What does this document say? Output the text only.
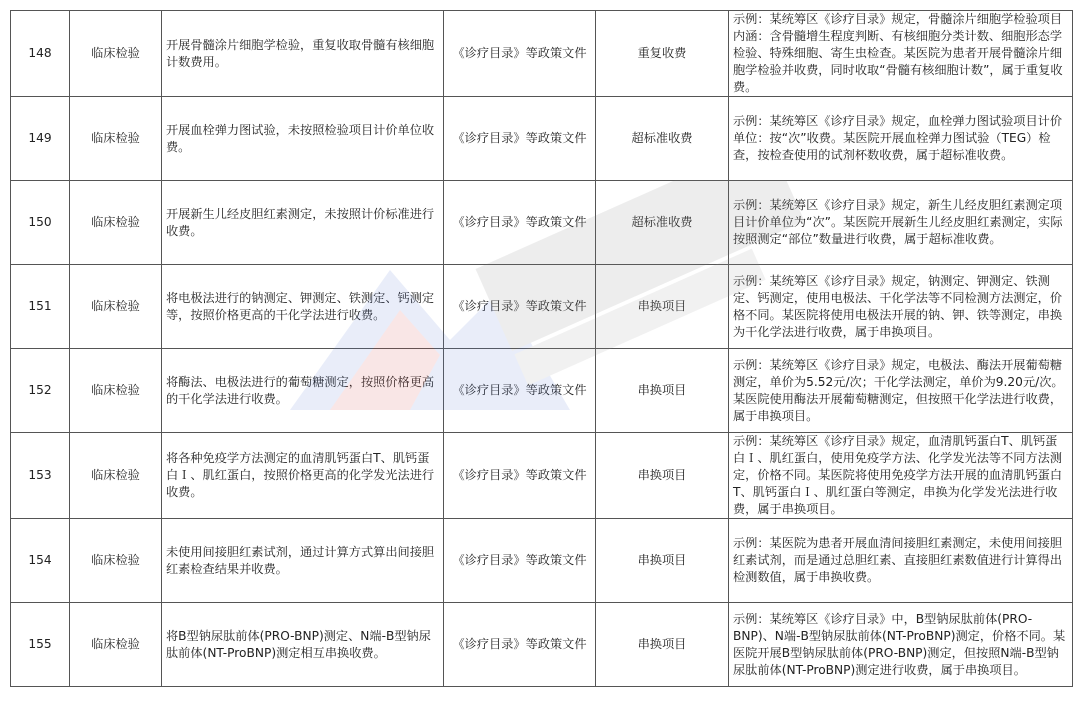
148	临床检验	开展骨髓涂片细胞学检验，重复收取骨髓有核细胞计数费用。	《诊疗目录》等政策文件	重复收费	示例：某统筹区《诊疗目录》规定，骨髓涂片细胞学检验项目内涵：含骨髓增生程度判断、有核细胞分类计数、细胞形态学检验、特殊细胞、寄生虫检查。某医院为患者开展骨髓涂片细胞学检验并收费，同时收取“骨髓有核细胞计数”，属于重复收费。
149	临床检验	开展血栓弹力图试验，未按照检验项目计价单位收费。	《诊疗目录》等政策文件	超标准收费	示例：某统筹区《诊疗目录》规定，血栓弹力图试验项目计价单位：按“次”收费。某医院开展血栓弹力图试验（TEG）检查，按检查使用的试剂杯数收费，属于超标准收费。
150	临床检验	开展新生儿经皮胆红素测定，未按照计价标准进行收费。	《诊疗目录》等政策文件	超标准收费	示例：某统筹区《诊疗目录》规定，新生儿经皮胆红素测定项目计价单位为“次”。某医院开展新生儿经皮胆红素测定，实际按照测定“部位”数量进行收费，属于超标准收费。
151	临床检验	将电极法进行的钠测定、钾测定、铁测定、钙测定等，按照价格更高的干化学法进行收费。	《诊疗目录》等政策文件	串换项目	示例：某统筹区《诊疗目录》规定，钠测定、钾测定、铁测定、钙测定，使用电极法、干化学法等不同检测方法测定，价格不同。某医院将使用电极法开展的钠、钾、铁等测定，串换为干化学法进行收费，属于串换项目。
152	临床检验	将酶法、电极法进行的葡萄糖测定，按照价格更高的干化学法进行收费。	《诊疗目录》等政策文件	串换项目	示例：某统筹区《诊疗目录》规定，电极法、酶法开展葡萄糖测定，单价为5.52元/次；干化学法测定，单价为9.20元/次。某医院使用酶法开展葡萄糖测定，但按照干化学法进行收费，属于串换项目。
153	临床检验	将各种免疫学方法测定的血清肌钙蛋白T、肌钙蛋白Ｉ、肌红蛋白，按照价格更高的化学发光法进行收费。	《诊疗目录》等政策文件	串换项目	示例：某统筹区《诊疗目录》规定，血清肌钙蛋白T、肌钙蛋白Ｉ、肌红蛋白，使用免疫学方法、化学发光法等不同方法测定，价格不同。某医院将使用免疫学方法开展的血清肌钙蛋白T、肌钙蛋白Ｉ、肌红蛋白等测定，串换为化学发光法进行收费，属于串换项目。
154	临床检验	未使用间接胆红素试剂，通过计算方式算出间接胆红素检查结果并收费。	《诊疗目录》等政策文件	串换项目	示例：某医院为患者开展血清间接胆红素测定，未使用间接胆红素试剂，而是通过总胆红素、直接胆红素数值进行计算得出检测数值，属于串换收费。
155	临床检验	将B型钠尿肽前体(PRO-BNP)测定、N端-B型钠尿肽前体(NT-ProBNP)测定相互串换收费。	《诊疗目录》等政策文件	串换项目	示例：某统筹区《诊疗目录》中，B型钠尿肽前体(PRO-BNP)、N端-B型钠尿肽前体(NT-ProBNP)测定，价格不同。某医院开展B型钠尿肽前体(PRO-BNP)测定，但按照N端-B型钠尿肽前体(NT-ProBNP)测定进行收费，属于串换项目。
